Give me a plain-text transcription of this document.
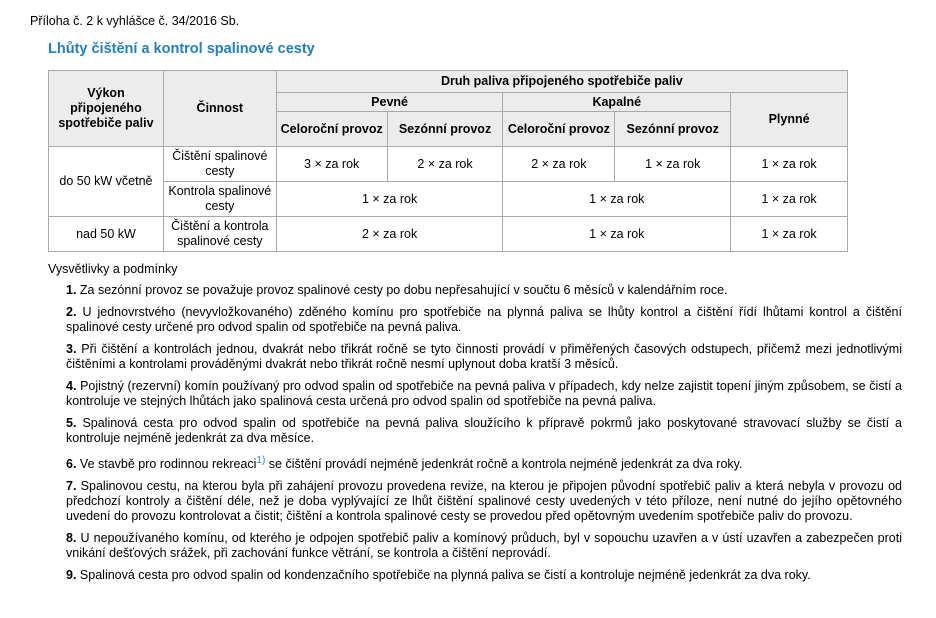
Příloha č. 2 k vyhlášce č. 34/2016 Sb.
Lhůty čištění a kontrol spalinové cesty
Výkon připojeného spotřebiče paliv	Činnost	Druh paliva připojeného spotřebiče paliv				
		Pevné		Kapalné		Plynné
		Celoroční provoz	Sezónní provoz	Celoroční provoz	Sezónní provoz	
do 50 kW včetně	Čištění spalinové cesty	3 × za rok	2 × za rok	2 × za rok	1 × za rok	1 × za rok
	Kontrola spalinové cesty	1 × za rok		1 × za rok		1 × za rok
nad 50 kW	Čištění a kontrola spalinové cesty	2 × za rok		1 × za rok		1 × za rok
Vysvětlivky a podmínky

1. Za sezónní provoz se považuje provoz spalinové cesty po dobu nepřesahující v součtu 6 měsíců v kalendářním roce.

2. U jednovrstvého (nevyvložkovaného) zděného komínu pro spotřebiče na plynná paliva se lhůty kontrol a čištění řídí lhůtami kontrol a čištění spalinové cesty určené pro odvod spalin od spotřebiče na pevná paliva.

3. Při čištění a kontrolách jednou, dvakrát nebo třikrát ročně se tyto činnosti provádí v přiměřených časových odstupech, přičemž mezi jednotlivými čištěními a kontrolami prováděnými dvakrát nebo třikrát ročně nesmí uplynout doba kratší 3 měsíců.

4. Pojistný (rezervní) komín používaný pro odvod spalin od spotřebiče na pevná paliva v případech, kdy nelze zajistit topení jiným způsobem, se čistí a kontroluje ve stejných lhůtách jako spalinová cesta určená pro odvod spalin od spotřebiče na pevná paliva.

5. Spalinová cesta pro odvod spalin od spotřebiče na pevná paliva sloužícího k přípravě pokrmů jako poskytované stravovací služby se čistí a kontroluje nejméně jedenkrát za dva měsíce.

6. Ve stavbě pro rodinnou rekreaci$^{1)}$ se čištění provádí nejméně jedenkrát ročně a kontrola nejméně jedenkrát za dva roky.

7. Spalinovou cestu, na kterou byla při zahájení provozu provedena revize, na kterou je připojen původní spotřebič paliv a která nebyla v provozu od předchozí kontroly a čištění déle, než je doba vyplývající ze lhůt čištění spalinové cesty uvedených v této příloze, není nutné do jejího opětovného uvedení do provozu kontrolovat a čistit; čištění a kontrola spalinové cesty se provedou před opětovným uvedením spotřebiče paliv do provozu.

8. U nepoužívaného komínu, od kterého je odpojen spotřebič paliv a komínový průduch, byl v sopouchu uzavřen a v ústí uzavřen a zabezpečen proti vnikání dešťových srážek, při zachování funkce větrání, se kontrola a čištění neprovádí.

9. Spalinová cesta pro odvod spalin od kondenzačního spotřebiče na plynná paliva se čistí a kontroluje nejméně jedenkrát za dva roky.
